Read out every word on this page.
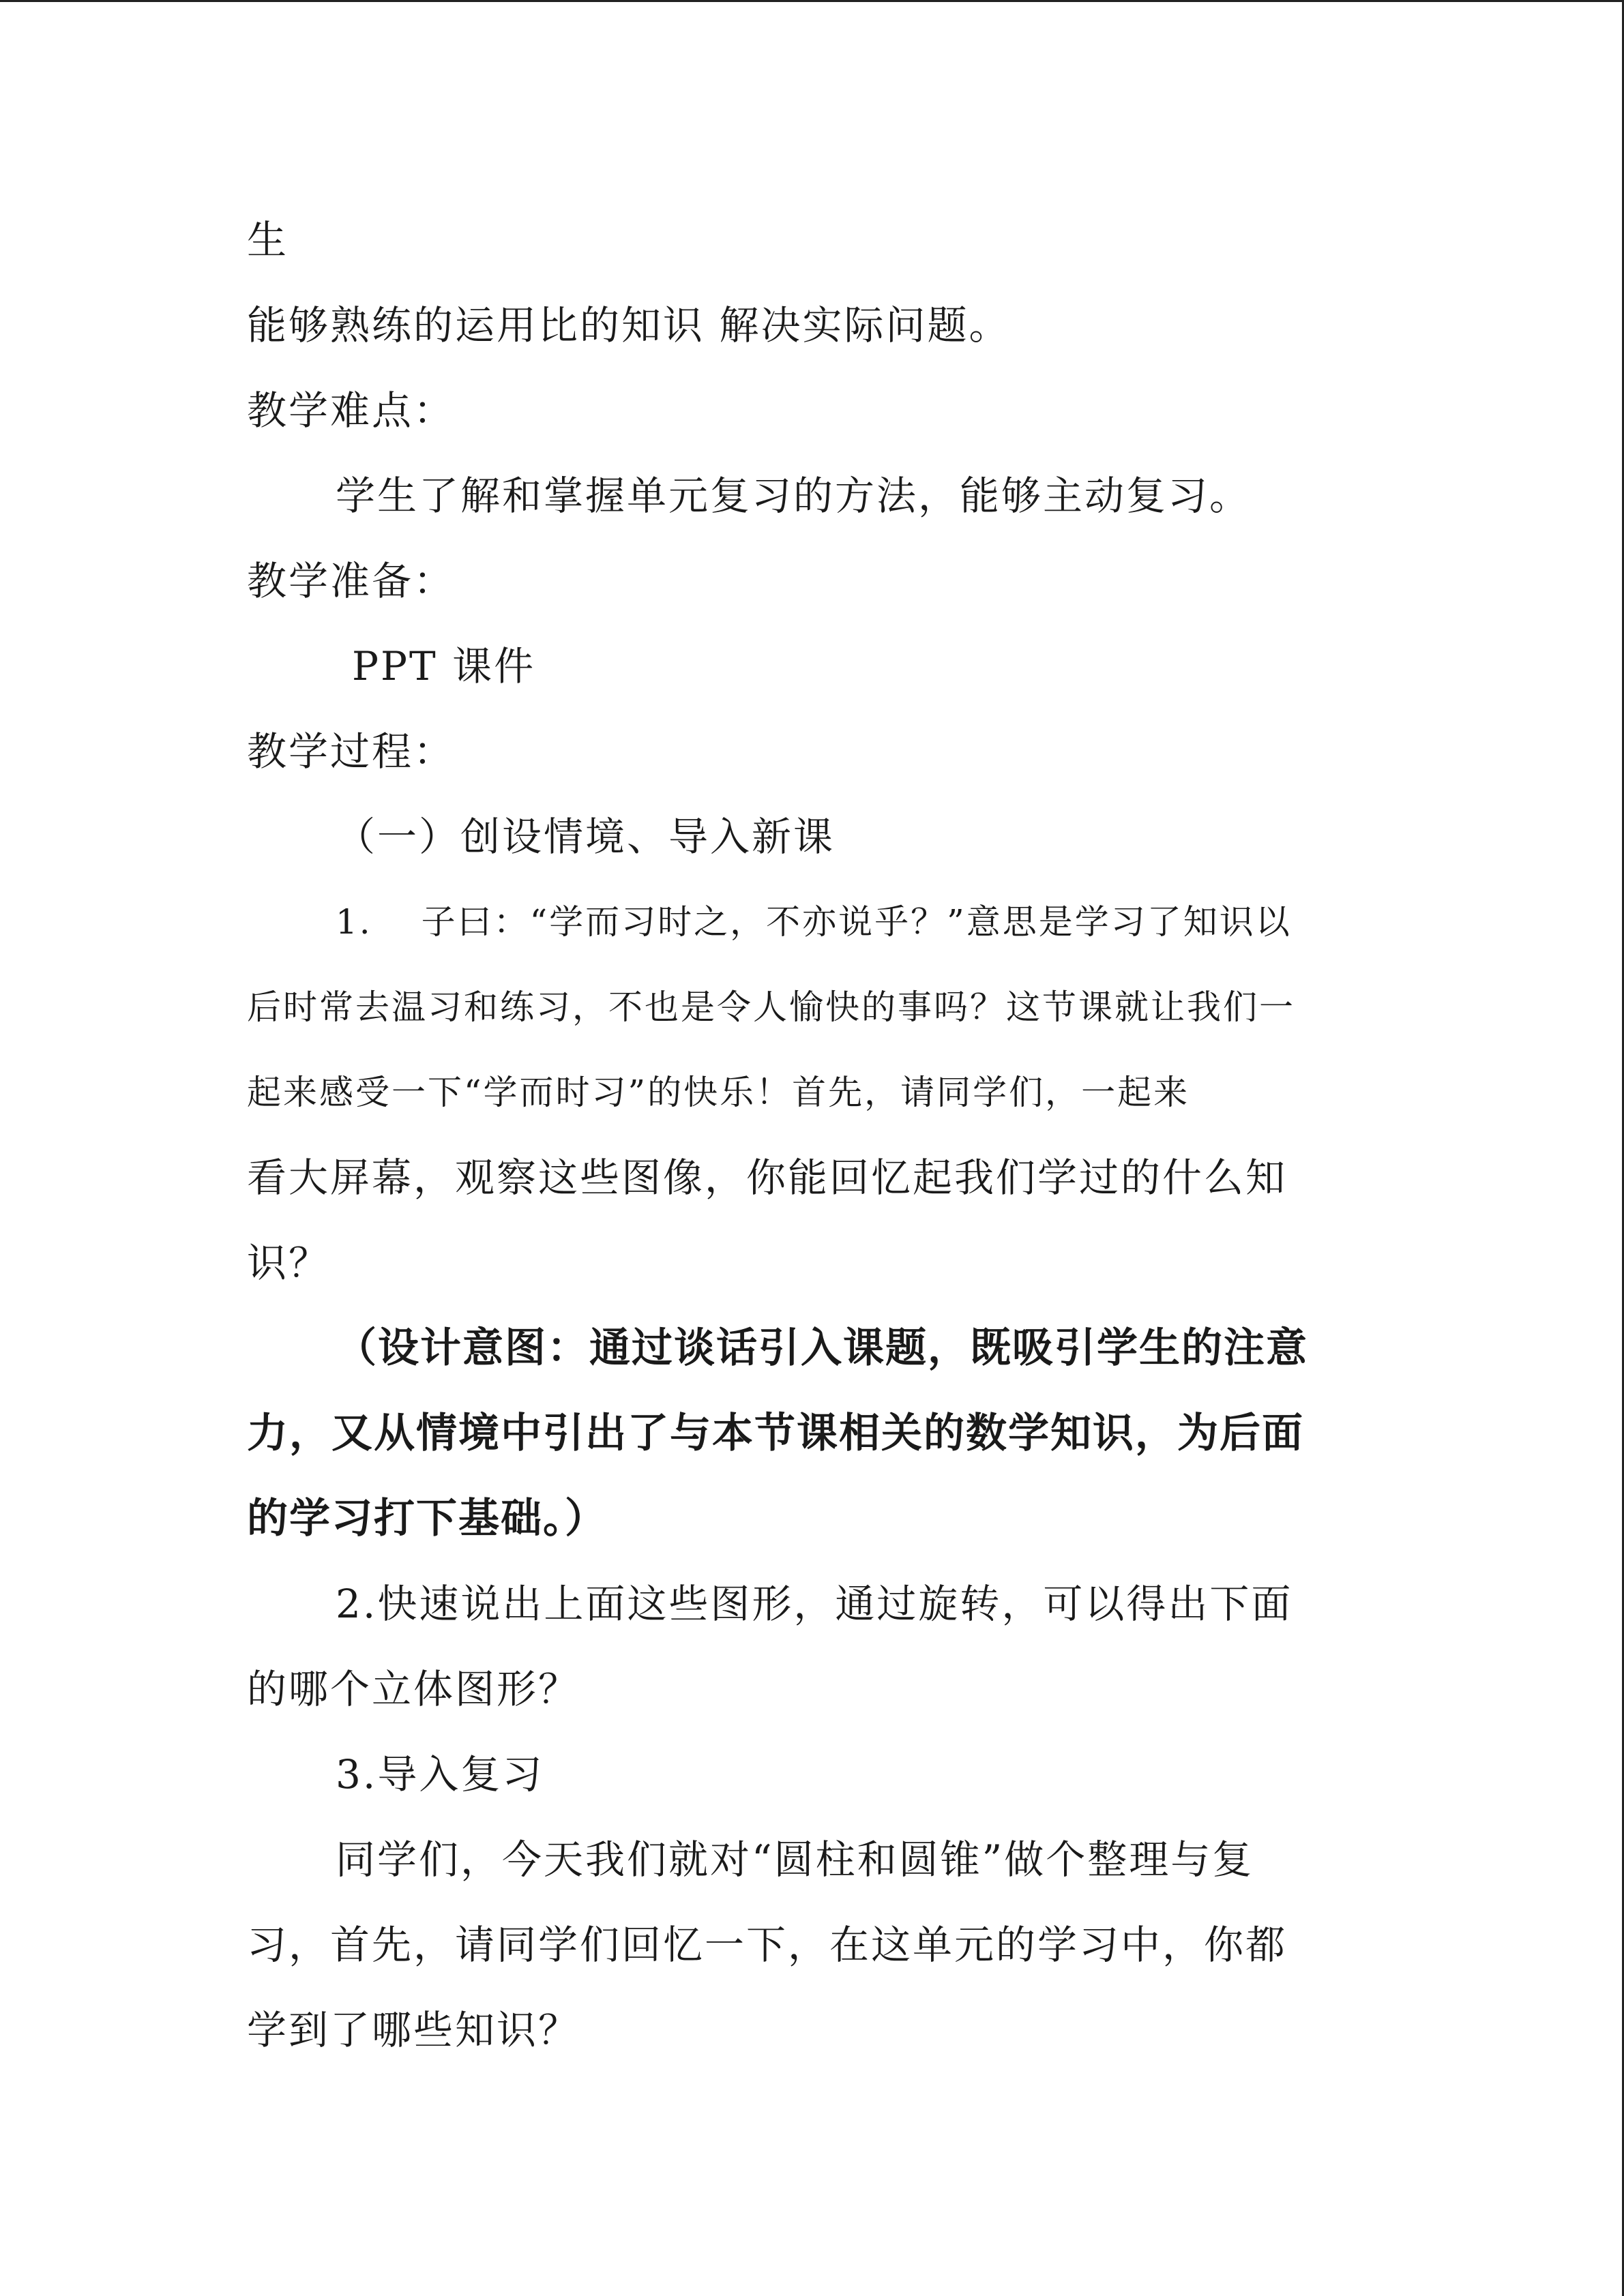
生
能够熟练的运用比的知识 解决实际问题。
教学难点：
学生了解和掌握单元复习的方法，能够主动复习。
教学准备：
PPT 课件
教学过程：
（一）创设情境、导入新课
1.　 子曰：“学而习时之，不亦说乎？”意思是学习了知识以
后时常去温习和练习，不也是令人愉快的事吗？这节课就让我们一
起来感受一下“学而时习”的快乐！首先，请同学们，一起来
看大屏幕，观察这些图像，你能回忆起我们学过的什么知
识？
（设计意图：通过谈话引入课题，既吸引学生的注意
力，又从情境中引出了与本节课相关的数学知识，为后面
的学习打下基础。）
2.快速说出上面这些图形，通过旋转，可以得出下面
的哪个立体图形？
3.导入复习
同学们，今天我们就对“圆柱和圆锥”做个整理与复
习，首先，请同学们回忆一下，在这单元的学习中，你都
学到了哪些知识？
